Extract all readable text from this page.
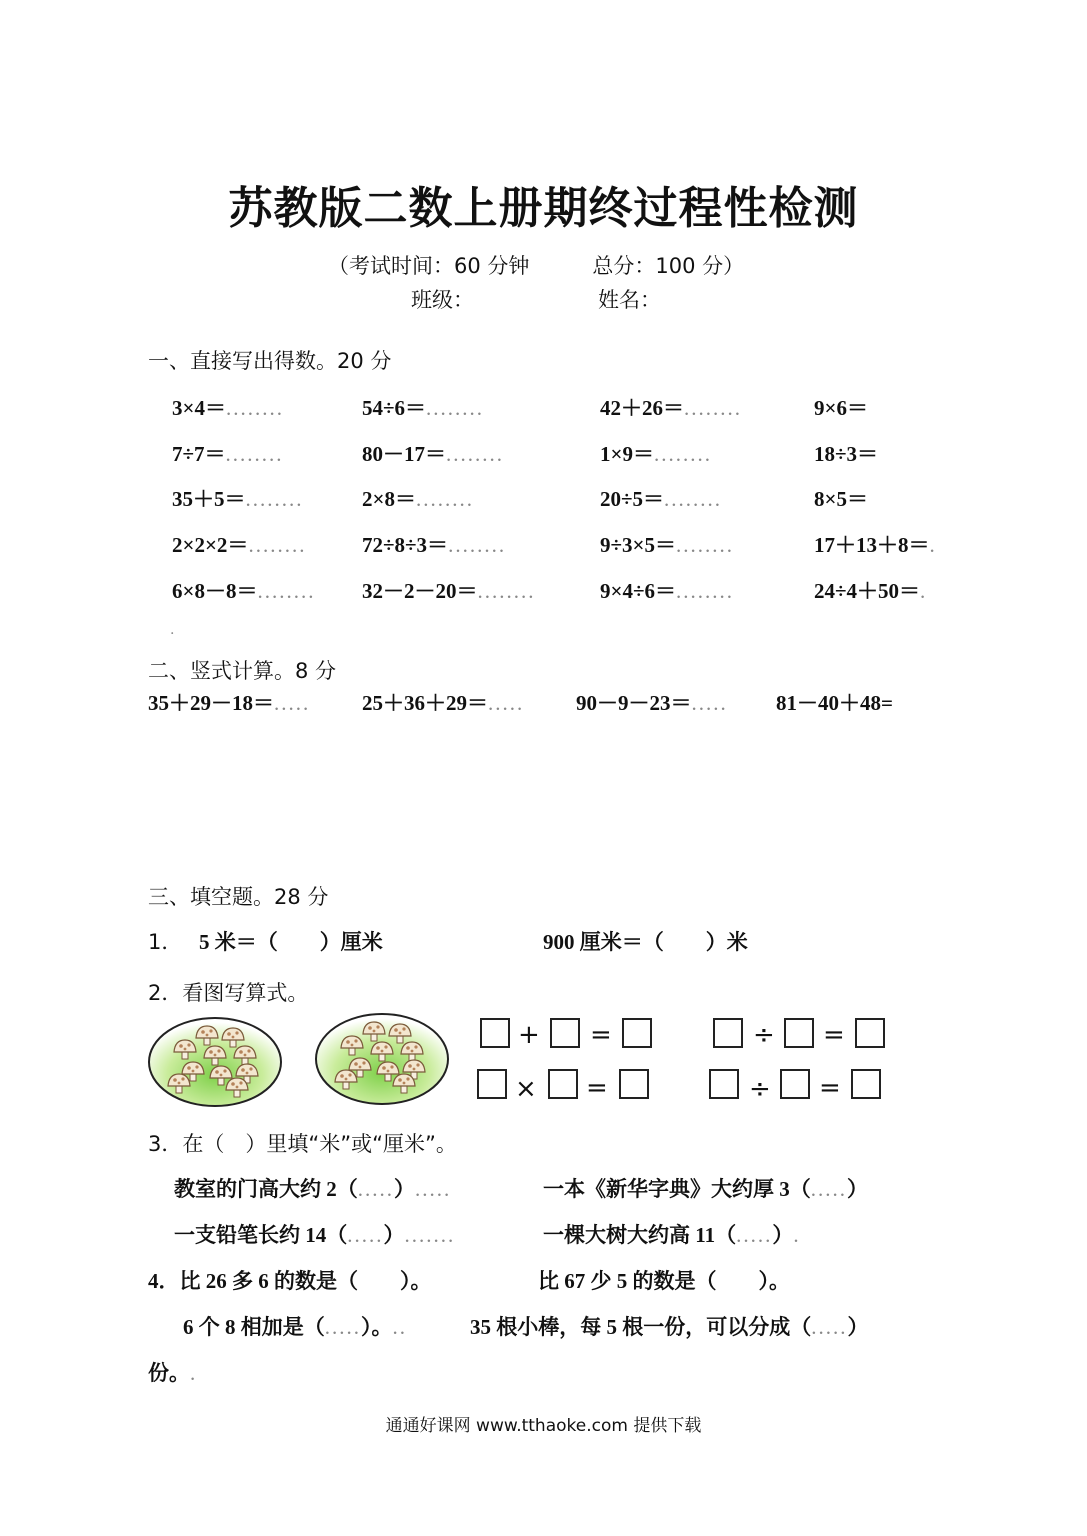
苏教版二数上册期终过程性检测
（考试时间：60 分钟　　　总分：100 分）
班级：	姓名：
一、直接写出得数。20 分
3×4＝........	54÷6＝........	42＋26＝........	9×6＝
7÷7＝........	80－17＝........	1×9＝........	18÷3＝
35＋5＝........	2×8＝........	20÷5＝........	8×5＝
2×2×2＝........	72÷8÷3＝........	9÷3×5＝........	17＋13＋8＝.
6×8－8＝........ 32－2－20＝........	9×4÷6＝........	24÷4＋50＝.
.
二、竖式计算。8 分
35＋29－18＝..... 25＋36＋29＝..... 90－9－23＝..... 81－40＋48=
三、填空题。28 分
1． 5 米＝（　　）厘米	900 厘米＝（　　）米
2．看图写算式。
+ =	÷ =
× =	÷ =
3．在（　）里填“米”或“厘米”。
教室的门高大约 2（.....）.....	一本《新华字典》大约厚 3（.....）
一支铅笔长约 14（.....）.......	一棵大树大约高 11（.....）.
4．比 26 多 6 的数是（　　）。	比 67 少 5 的数是（　　）。
6 个 8 相加是（.....）。..	35 根小棒，每 5 根一份，可以分成（.....）
份。.
通通好课网 www.tthaoke.com 提供下载
